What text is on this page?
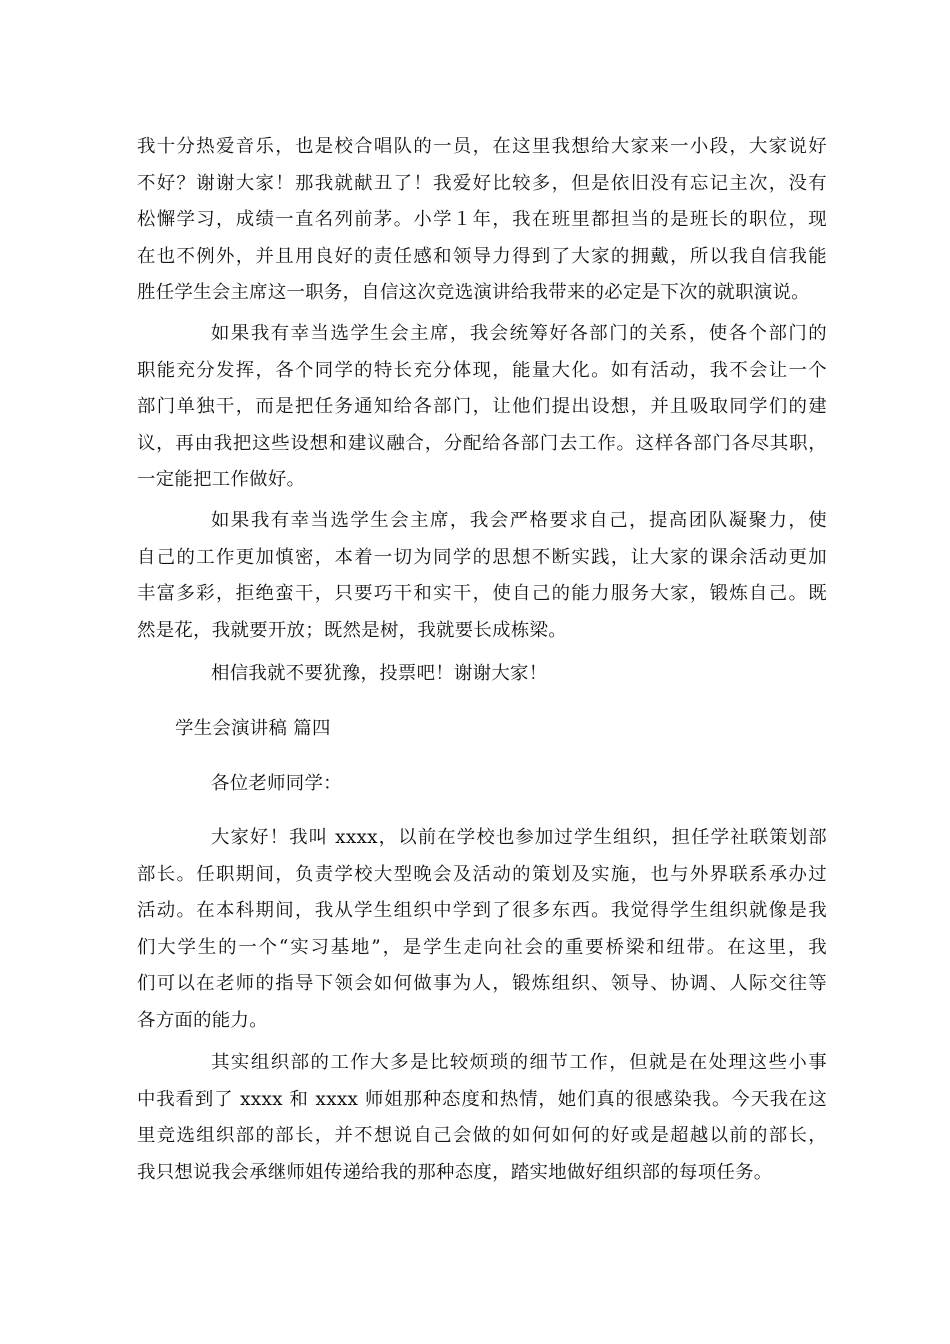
我十分热爱音乐，也是校合唱队的一员，在这里我想给大家来一小段，大家说好
不好？谢谢大家！那我就献丑了！我爱好比较多，但是依旧没有忘记主次，没有
松懈学习，成绩一直名列前茅。小学１年，我在班里都担当的是班长的职位，现
在也不例外，并且用良好的责任感和领导力得到了大家的拥戴，所以我自信我能
胜任学生会主席这一职务，自信这次竞选演讲给我带来的必定是下次的就职演说。
如果我有幸当选学生会主席，我会统筹好各部门的关系，使各个部门的
职能充分发挥，各个同学的特长充分体现，能量大化。如有活动，我不会让一个
部门单独干，而是把任务通知给各部门，让他们提出设想，并且吸取同学们的建
议，再由我把这些设想和建议融合，分配给各部门去工作。这样各部门各尽其职，
一定能把工作做好。
如果我有幸当选学生会主席，我会严格要求自己，提高团队凝聚力，使
自己的工作更加慎密，本着一切为同学的思想不断实践，让大家的课余活动更加
丰富多彩，拒绝蛮干，只要巧干和实干，使自己的能力服务大家，锻炼自己。既
然是花，我就要开放；既然是树，我就要长成栋梁。

相信我就不要犹豫，投票吧！谢谢大家！

学生会演讲稿 篇四

各位老师同学：

大家好！我叫 xxxx，以前在学校也参加过学生组织，担任学社联策划部
部长。任职期间，负责学校大型晚会及活动的策划及实施，也与外界联系承办过
活动。在本科期间，我从学生组织中学到了很多东西。我觉得学生组织就像是我
们大学生的一个“实习基地”，是学生走向社会的重要桥梁和纽带。在这里，我
们可以在老师的指导下领会如何做事为人，锻炼组织、领导、协调、人际交往等
各方面的能力。
其实组织部的工作大多是比较烦琐的细节工作，但就是在处理这些小事
中我看到了 xxxx 和 xxxx 师姐那种态度和热情，她们真的很感染我。今天我在这
里竞选组织部的部长，并不想说自己会做的如何如何的好或是超越以前的部长，
我只想说我会承继师姐传递给我的那种态度，踏实地做好组织部的每项任务。
